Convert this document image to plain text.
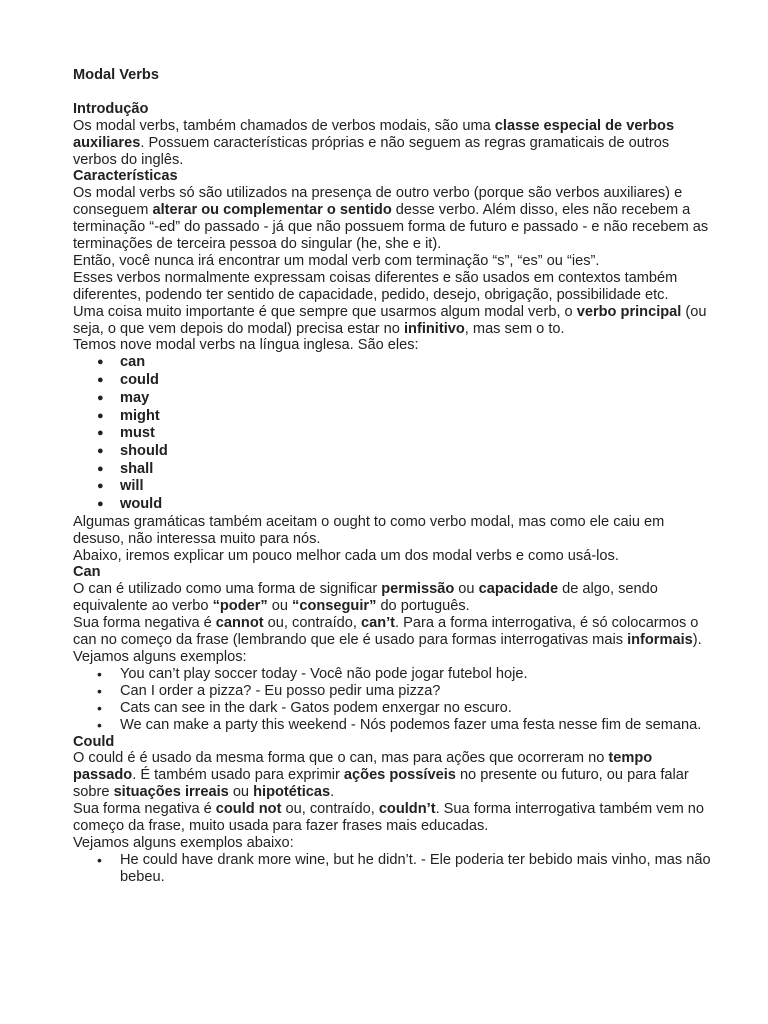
Modal Verbs

Introdução

Os modal verbs, também chamados de verbos modais, são uma classe especial de verbos auxiliares. Possuem características próprias e não seguem as regras gramaticais de outros verbos do inglês.

Características

Os modal verbs só são utilizados na presença de outro verbo (porque são verbos auxiliares) e conseguem alterar ou complementar o sentido desse verbo. Além disso, eles não recebem a terminação “-ed” do passado - já que não possuem forma de futuro e passado - e não recebem as terminações de terceira pessoa do singular (he, she e it).

Então, você nunca irá encontrar um modal verb com terminação “s”, “es” ou “ies”.

Esses verbos normalmente expressam coisas diferentes e são usados em contextos também diferentes, podendo ter sentido de capacidade, pedido, desejo, obrigação, possibilidade etc.

Uma coisa muito importante é que sempre que usarmos algum modal verb, o verbo principal (ou seja, o que vem depois do modal) precisa estar no infinitivo, mas sem o to.

Temos nove modal verbs na língua inglesa. São eles:

● can
● could
● may
● might
● must
● should
● shall
● will
● would

Algumas gramáticas também aceitam o ought to como verbo modal, mas como ele caiu em desuso, não interessa muito para nós.

Abaixo, iremos explicar um pouco melhor cada um dos modal verbs e como usá-los.

Can

O can é utilizado como uma forma de significar permissão ou capacidade de algo, sendo equivalente ao verbo “poder” ou “conseguir” do português.

Sua forma negativa é cannot ou, contraído, can’t. Para a forma interrogativa, é só colocarmos o can no começo da frase (lembrando que ele é usado para formas interrogativas mais informais).

Vejamos alguns exemplos:

• You can’t play soccer today - Você não pode jogar futebol hoje.
• Can I order a pizza? - Eu posso pedir uma pizza?
• Cats can see in the dark - Gatos podem enxergar no escuro.
• We can make a party this weekend - Nós podemos fazer uma festa nesse fim de semana.

Could

O could é é usado da mesma forma que o can, mas para ações que ocorreram no tempo passado. É também usado para exprimir ações possíveis no presente ou futuro, ou para falar sobre situações irreais ou hipotéticas.

Sua forma negativa é could not ou, contraído, couldn’t. Sua forma interrogativa também vem no começo da frase, muito usada para fazer frases mais educadas.

Vejamos alguns exemplos abaixo:

• He could have drank more wine, but he didn’t. - Ele poderia ter bebido mais vinho, mas não bebeu.
